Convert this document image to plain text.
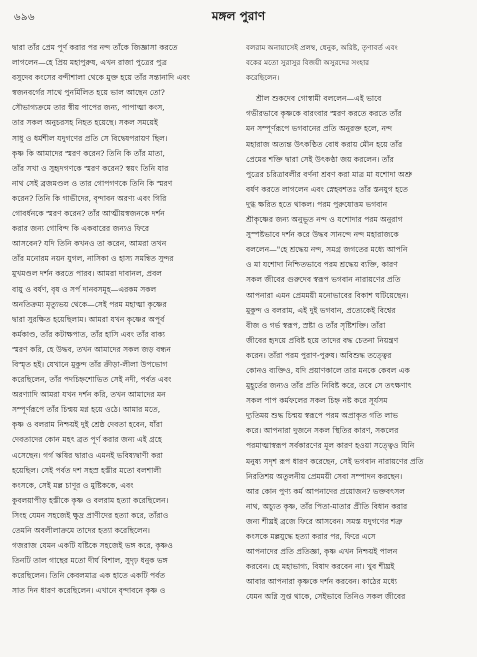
৬৯৬	মঙ্গল পুরাণ
দ্বারা তাঁর প্রেম পূর্ণ করার পর নন্দ তাঁকে জিজ্ঞাসা করতে
লাগলেন—হে প্রিয় মহাপুরুষ, এখন রাজা পুত্রের পুত্র
বসুদেব কংসের বন্দীশালা থেকে মুক্ত হয়ে তাঁর সন্তানাদি এবং
স্বজনবর্গের সাথে পুনর্মিলিত হয়ে ভাল আছেন তো?
সৌভাগ্যক্রমে তার স্বীয় পাপের জন্য, পাপাত্মা কংস,
তার সকল অনুচরসহ নিহত হয়েছে। সকল সময়েই
সাধু ও ধর্মশীল যদুগণের প্রতি সে বিদ্বেষপরায়ণ ছিল।
কৃষ্ণ কি আমাদের স্মরণ করেন? তিনি কি তাঁর মাতা,
তাঁর সখা ও সুহৃদগণকে স্মরণ করেন? স্বয়ং তিনি যার
নাথ সেই ব্রজমণ্ডল ও তার গোপগণকে তিনি কি স্মরণ
করেন? তিনি কি গাভীদের, বৃন্দাবন অরণ্য এবং গিরি
গোবর্ধনকে স্মরণ করেন? তাঁর আত্মীয়স্বজনকে দর্শন
করার জন্য গোবিন্দ কি একবারের জন্যও ফিরে
আসবেন? যদি তিনি কখনও তা করেন, আমরা তখন
তাঁর মনোরম নয়ন যুগল, নাসিকা ও হাস্য সমন্বিত সুন্দর
মুখমণ্ডল দর্শন করতে পারব। আমরা দাবানল, প্রবল
বায়ু ও বর্ষণ, বৃষ ও সর্প দানবসমূহ—এরকম সকল
অনতিক্রম্য মৃত্যুভয় থেকে—সেই পরম মহাত্মা কৃষ্ণের
দ্বারা সুরক্ষিত হয়েছিলাম। আমরা যখন কৃষ্ণের অপূর্ব
কর্মকাণ্ড, তাঁর কটাক্ষপাত, তাঁর হাসি এবং তাঁর বাক্য
স্মরণ করি, হে উদ্ধব, তখন আমাদের সকল জড় বন্ধন
বিস্মৃত হই। যেখানে মুকুন্দ তাঁর ক্রীড়া-লীলা উপভোগ
করেছিলেন, তাঁর পদচিহ্নশোভিত সেই নদী, পর্বত এবং
অরণ্যাদি আমরা যখন দর্শন করি, তখন আমাদের মন
সম্পূর্ণরূপে তাঁর চিন্ময় মগ্ন হয়ে ওঠে। আমার মতে,
কৃষ্ণ ও বলরাম নিশ্চয়ই দুই শ্রেষ্ঠ দেবতা হবেন, যাঁরা
দেবতাদের কোন মহৎ ব্রত পূর্ণ করার জন্য এই গ্রহে
এসেছেন। গর্গ ঋষির দ্বারাও এমনই ভবিষ্যদ্বাণী করা
হয়েছিল। সেই পর্বত দশ সহস্র হস্তীর মতো বলশালী
কংসকে, সেই মল্ল চাণূর ও মুষ্টিককে, এবং
কুবলয়াপীড় হস্তীকে কৃষ্ণ ও বলরাম হত্যা করেছিলেন।
সিংহ যেমন সহজেই ক্ষুদ্র প্রাণীদের হত্যা করে, তাঁরাও
তেমনি অবলীলাক্রমে তাদের হত্যা করেছিলেন।
গজরাজ যেমন একটি যষ্টিকে সহজেই ভঙ্গ করে, কৃষ্ণও
তিনটি তাল গাছের মতো দীর্ঘ বিশাল, সুদৃঢ় ধনুক ভঙ্গ
করেছিলেন। তিনি কেবলমাত্র এক হাতে একটি পর্বত
সাত দিন ধারণ করেছিলেন। এখানে বৃন্দাবনে কৃষ্ণ ও
বলরাম অনায়াসেই প্রলম্ব, ধেনুক, অরিষ্ট, তৃণাবর্ত এবং
বকের মতো সুরাসুর বিজয়ী অসুরদের সংহার
করেছিলেন।
শ্রীল শুকদেব গোস্বামী বললেন—এই ভাবে
গভীরভাবে কৃষ্ণকে বারংবার স্মরণ করতে করতে তাঁর
মন সম্পূর্ণরূপে ভগবানের প্রতি অনুরক্ত হলে, নন্দ
মহারাজ অত্যন্ত উৎকণ্ঠিত বোধ করায় মৌন হয়ে তাঁর
প্রেমের শক্তি দ্বারা সেই উৎকণ্ঠা জয় করলেন। তাঁর
পুত্রের চরিত্রাবলীর বর্ণনা শ্রবণ করা মাত্র মা যশোদা অশ্রু
বর্ষণ করতে লাগলেন এবং স্নেহবশতঃ তাঁর স্তনযুগ হতে
দুগ্ধ ক্ষরিত হতে থাকল। পরম পুরুষোত্তম ভগবান
শ্রীকৃষ্ণের জন্য অনুভূত নন্দ ও যশোদার পরম অনুরাগ
সুস্পষ্টভাবে দর্শন করে উদ্ধব সানন্দে নন্দ মহারাজকে
বললেন—"হে শ্রদ্ধেয় নন্দ, সমগ্র জগতের মধ্যে আপনি
ও মা যশোদা নিশ্চিতভাবে পরম শ্রদ্ধেয় ব্যক্তি, কারণ
সকল জীবের গুরুদেব স্বরূপ ভগবান নারায়ণের প্রতি
আপনারা এমন প্রেমময়ী মনোভাবের বিকাশ ঘটিয়েছেন।
মুকুন্দ ও বলরাম, এই দুই ভগবান, প্রত্যেকেই বিশ্বের
বীজ ও গর্ভ স্বরূপ, স্রষ্টা ও তাঁর সৃষ্টিশক্তি। তাঁরা
জীবের হৃদয়ে প্রবিষ্ট হয়ে তাদের বদ্ধ চেতনা নিয়ন্ত্রণ
করেন। তাঁরা পরম পুরাণ-পুরুষ। অবিশুদ্ধ তত্ত্বের
কোনও ব্যক্তিও, যদি প্রয়াণকালে তার মনকে কেবল এক
মুহূর্তের জন্যও তাঁর প্রতি নিবিষ্ট করে, তবে সে তৎক্ষণাৎ
সকল পাপ কর্মফলের সকল চিহ্ন নষ্ট করে সূর্যসম
দ্যুতিময় শুদ্ধ চিন্ময় স্বরূপে পরম অপ্রাকৃত গতি লাভ
করে। আপনারা দুজনে সকল স্থিতির কারণ, সকলের
পরমাত্মাস্বরূপ সর্বকারণের মূল কারণ হওয়া সত্ত্বেও যিনি
মনুষ্য সদৃশ রূপ ধারণ করেছেন, সেই ভগবান নারায়ণের প্রতি
নিরতিশয় অতুলনীয় প্রেমময়ী সেবা সম্পাদন করছেন।
আর কোন পুণ্য কর্ম আপনাদের প্রয়োজন? ভক্তবৎসল
নাথ, অচ্যুত কৃষ্ণ, তাঁর পিতা-মাতার প্রীতি বিধান করার
জন্য শীঘ্রই ব্রজে ফিরে আসবেন। সমস্ত যদুগণের শত্রু
কংসকে মল্লযুদ্ধে হত্যা করার পর, ফিরে এসে
আপনাদের প্রতি প্রতিজ্ঞা, কৃষ্ণ এখন নিশ্চয়ই পালন
করবেন। হে মহাভাগ্য, বিষাদ করবেন না। খুব শীঘ্রই
আবার আপনারা কৃষ্ণকে দর্শন করবেন। কাঠের মধ্যে
যেমন অগ্নি সুপ্ত থাকে, সেইভাবে তিনিও সকল জীবের
